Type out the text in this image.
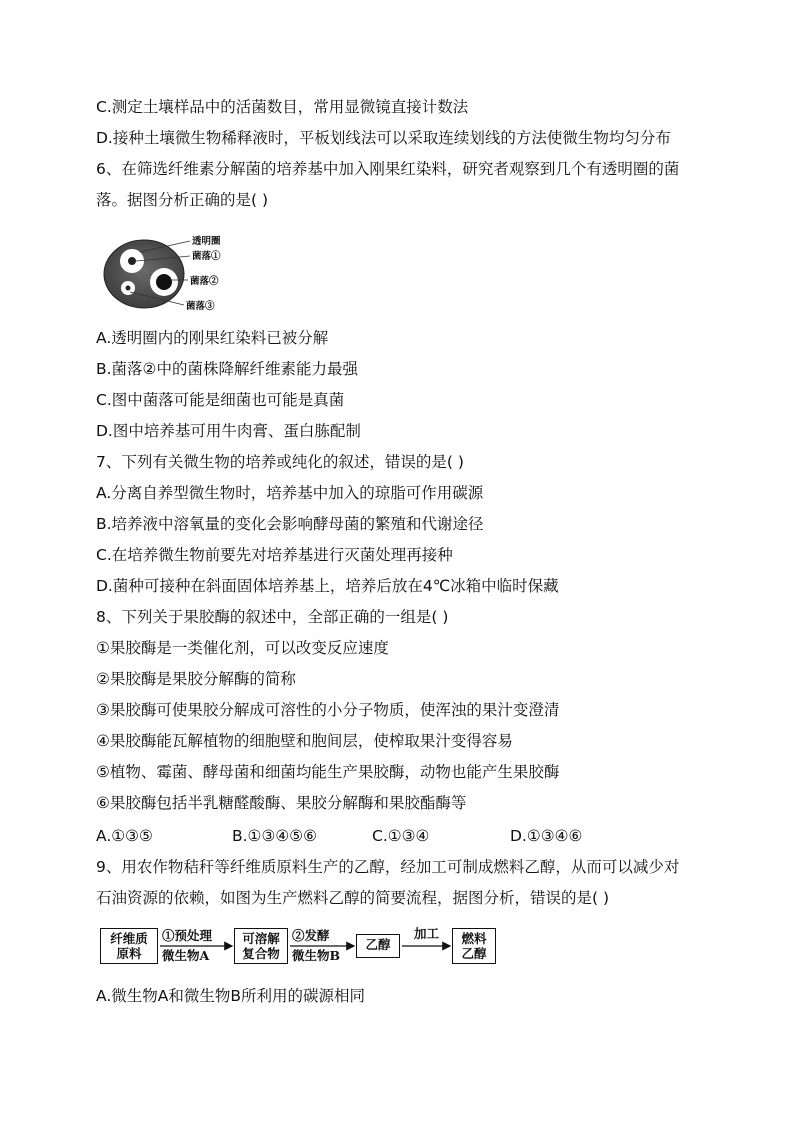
C.测定土壤样品中的活菌数目，常用显微镜直接计数法
D.接种土壤微生物稀释液时，平板划线法可以采取连续划线的方法使微生物均匀分布
6、在筛选纤维素分解菌的培养基中加入刚果红染料，研究者观察到几个有透明圈的菌
落。据图分析正确的是( )
透明圈
菌落①
菌落②
菌落③
A.透明圈内的刚果红染料已被分解
B.菌落②中的菌株降解纤维素能力最强
C.图中菌落可能是细菌也可能是真菌
D.图中培养基可用牛肉膏、蛋白胨配制
7、下列有关微生物的培养或纯化的叙述，错误的是( )
A.分离自养型微生物时，培养基中加入的琼脂可作用碳源
B.培养液中溶氧量的变化会影响酵母菌的繁殖和代谢途径
C.在培养微生物前要先对培养基进行灭菌处理再接种
D.菌种可接种在斜面固体培养基上，培养后放在4℃冰箱中临时保藏
8、下列关于果胶酶的叙述中，全部正确的一组是( )
①果胶酶是一类催化剂，可以改变反应速度
②果胶酶是果胶分解酶的简称
③果胶酶可使果胶分解成可溶性的小分子物质，使浑浊的果汁变澄清
④果胶酶能瓦解植物的细胞壁和胞间层，使榨取果汁变得容易
⑤植物、霉菌、酵母菌和细菌均能生产果胶酶，动物也能产生果胶酶
⑥果胶酶包括半乳糖醛酸酶、果胶分解酶和果胶酯酶等
A.①③⑤	B.①③④⑤⑥	C.①③④	D.①③④⑥
9、用农作物秸秆等纤维质原料生产的乙醇，经加工可制成燃料乙醇，从而可以减少对
石油资源的依赖，如图为生产燃料乙醇的简要流程，据图分析，错误的是( )
纤维质
原料
①预处理
微生物A
可溶解
复合物
②发酵
微生物B
乙醇
加工	燃料
乙醇
A.微生物A和微生物B所利用的碳源相同
